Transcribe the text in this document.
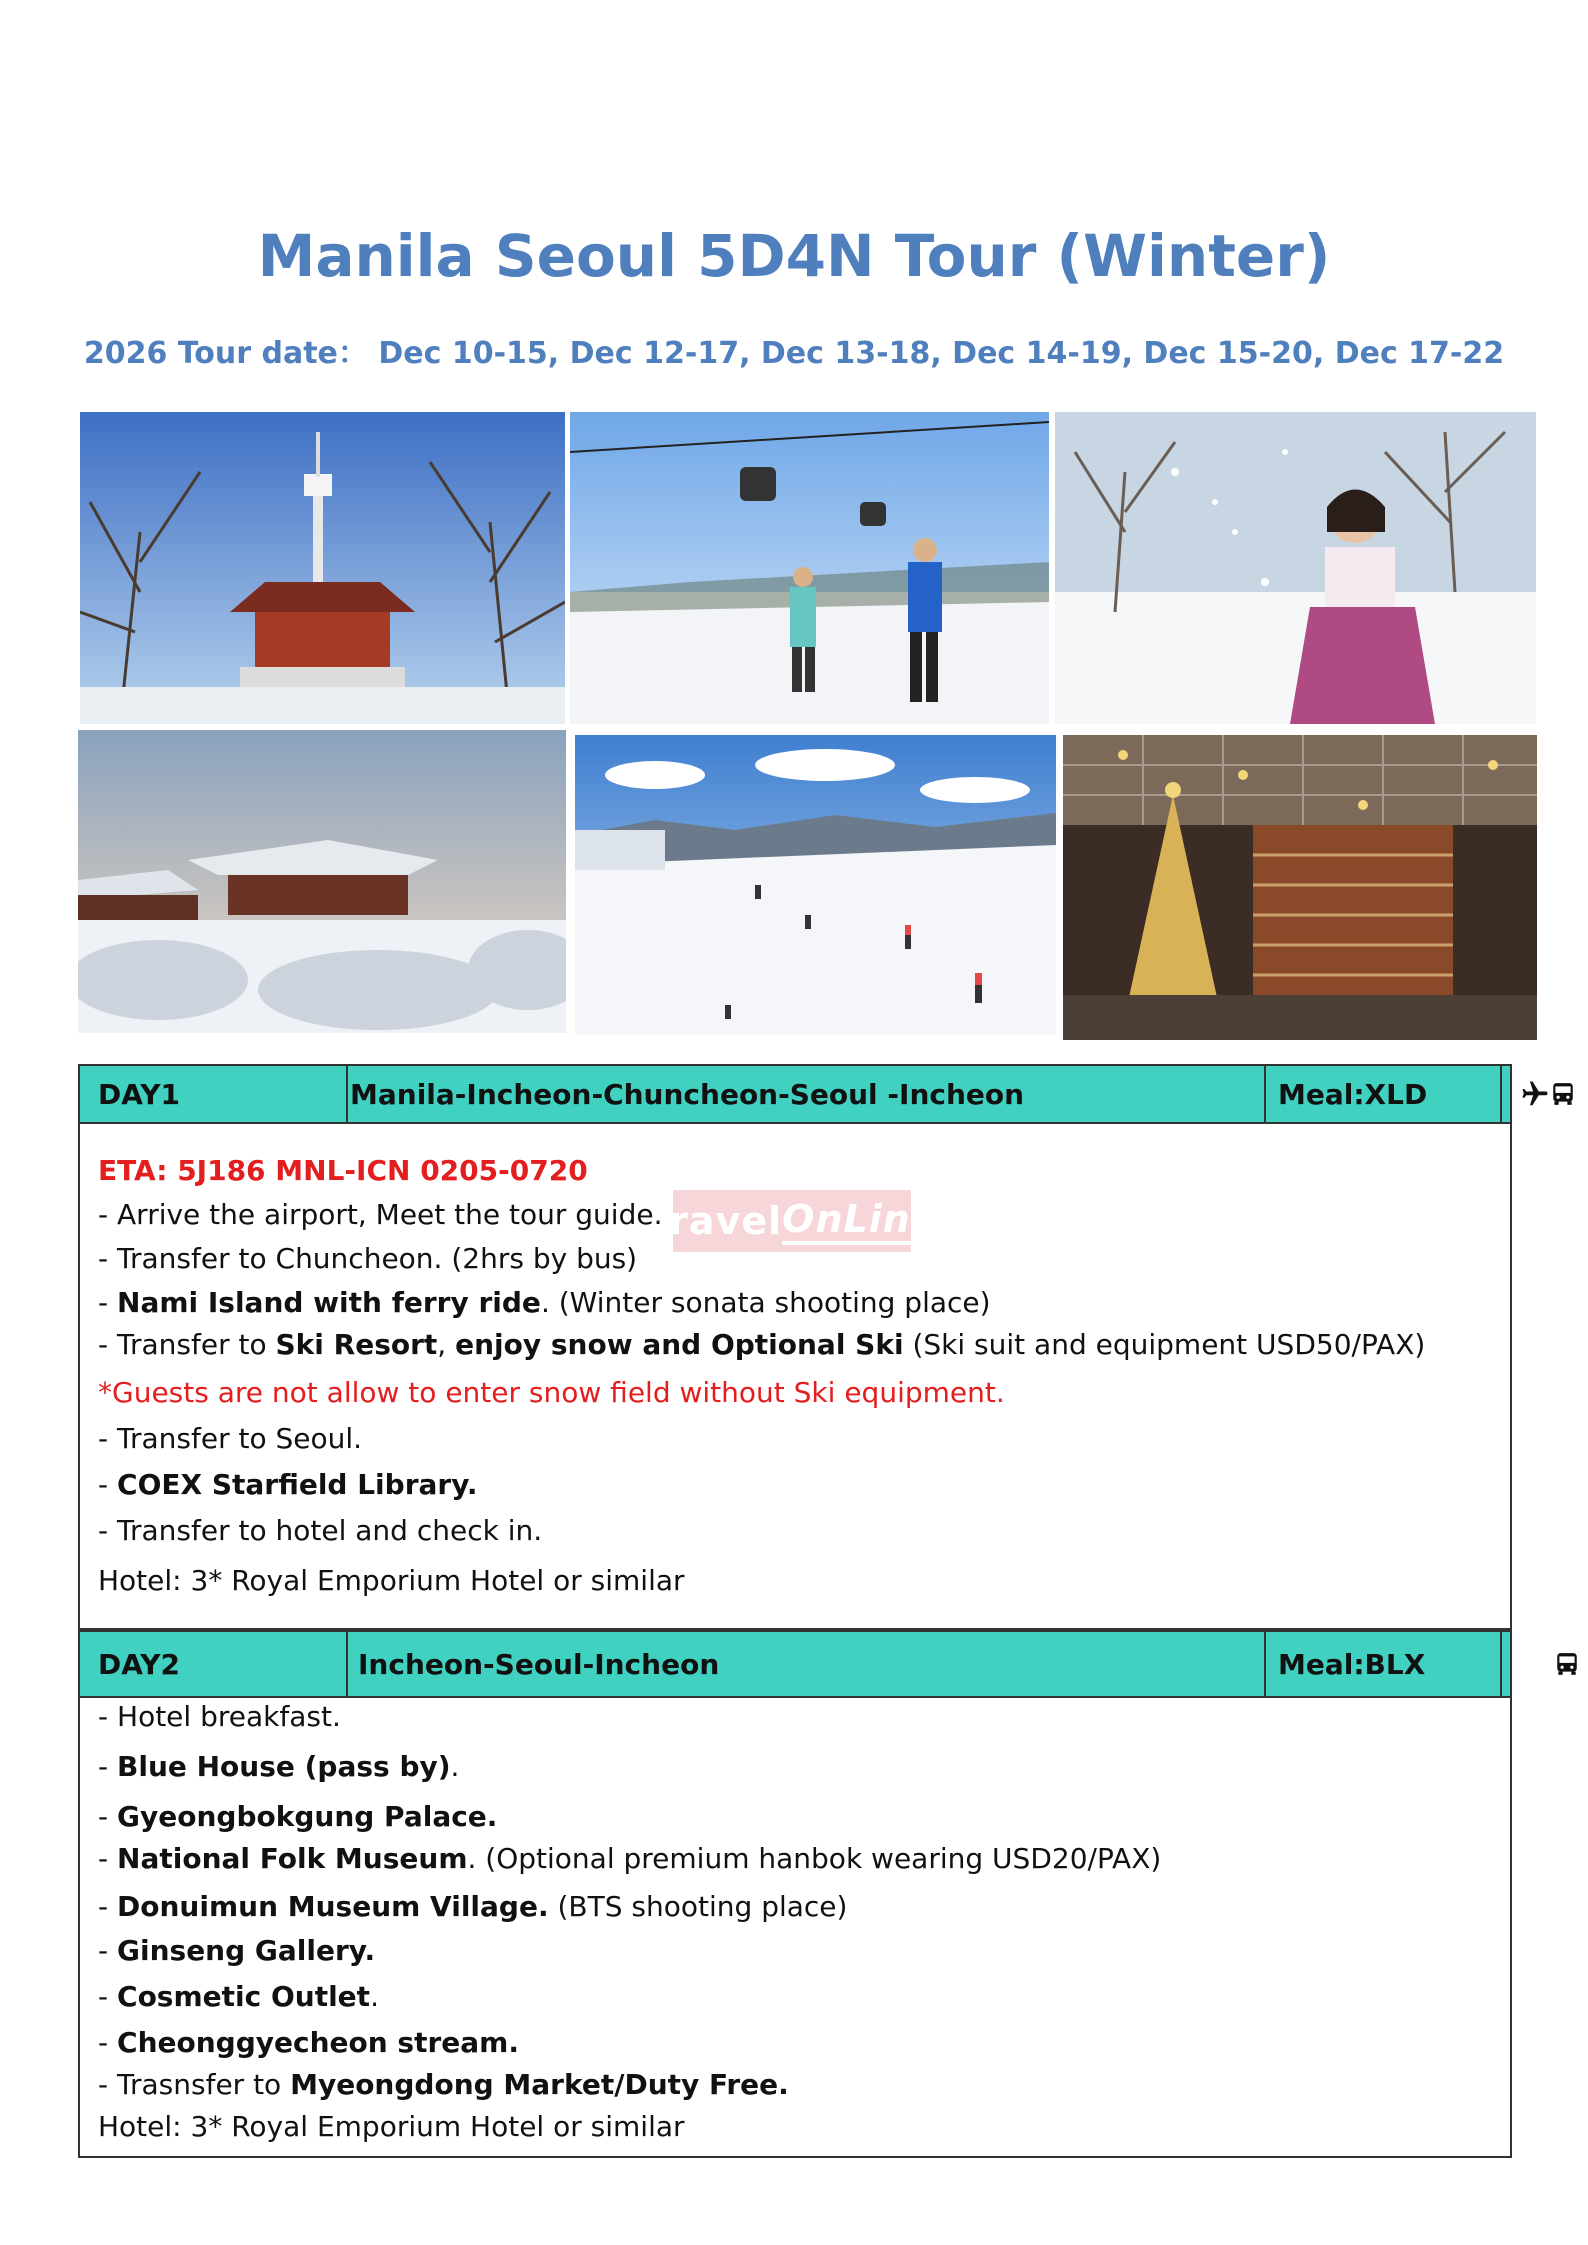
Manila Seoul 5D4N Tour (Winter)
2026 Tour date： Dec 10-15, Dec 12-17, Dec 13-18, Dec 14-19, Dec 15-20, Dec 17-22
Travel OnLine
DAY1	Manila-Incheon-Chuncheon-Seoul -Incheon	Meal:XLD
ETA: 5J186 MNL-ICN 0205-0720
- Arrive the airport, Meet the tour guide.
- Transfer to Chuncheon. (2hrs by bus)
- Nami Island with ferry ride. (Winter sonata shooting place)
- Transfer to Ski Resort, enjoy snow and Optional Ski (Ski suit and equipment USD50/PAX)
*Guests are not allow to enter snow field without Ski equipment.
- Transfer to Seoul.
- COEX Starfield Library.
- Transfer to hotel and check in.
Hotel: 3* Royal Emporium Hotel or similar
DAY2	Incheon-Seoul-Incheon	Meal:BLX
- Hotel breakfast.
- Blue House (pass by).
- Gyeongbokgung Palace.
- National Folk Museum. (Optional premium hanbok wearing USD20/PAX)
- Donuimun Museum Village. (BTS shooting place)
- Ginseng Gallery.
- Cosmetic Outlet.
- Cheonggyecheon stream.
- Trasnsfer to Myeongdong Market/Duty Free.
Hotel: 3* Royal Emporium Hotel or similar
